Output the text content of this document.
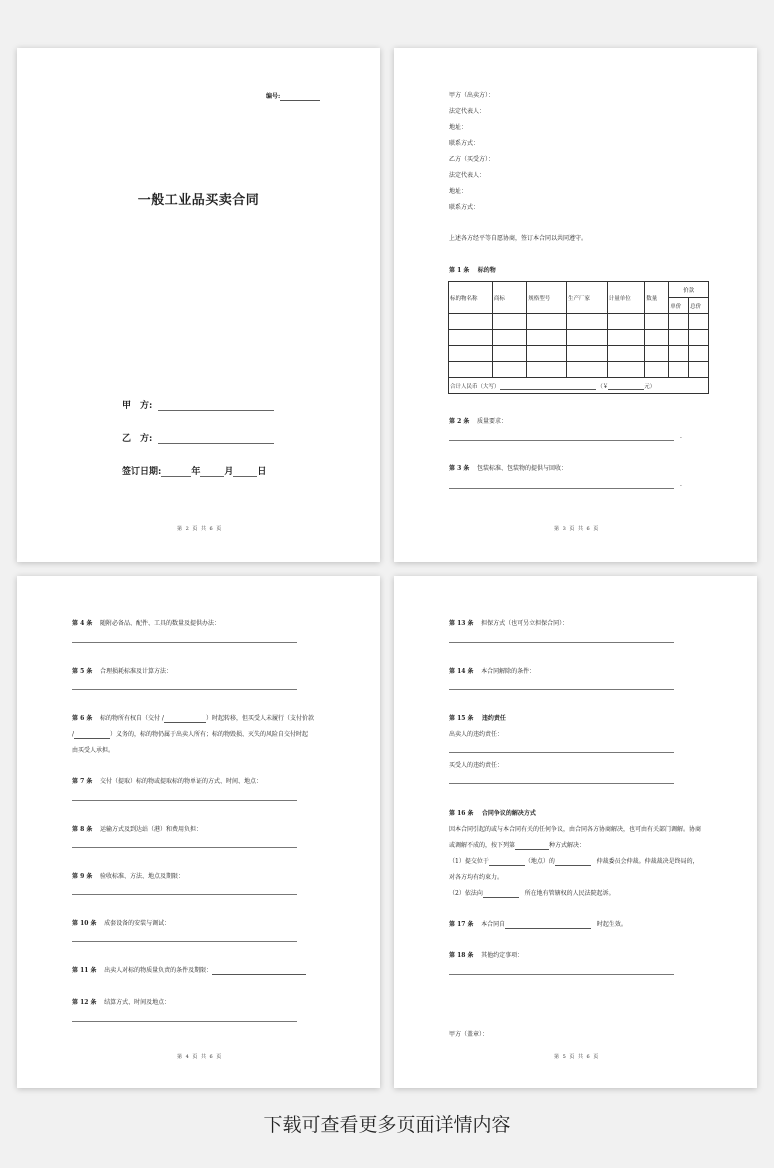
编号:
一般工业品买卖合同
甲　方:
乙　方:
签订日期:	年	月	日
第 2 页 共 6 页
甲方（出卖方）：
法定代表人：
地址：
联系方式：
乙方（买受方）：
法定代表人：
地址：
联系方式：
上述各方经平等自愿协商，签订本合同以共同遵守。
第 1 条 标的物
标的物名称	商标	规格型号	生产厂家	计量单位	数量	价款	
						单价	总价

合计人民币（大写） （￥ 元）							
第 2 条 质量要求：
.
第 3 条 包装标准、包装物的提供与回收：
.
第 3 页 共 6 页
第 4 条 随附必备品、配件、工具的数量及提供办法：
第 5 条 合理损耗标准及计算方法：
第 6 条 标的物所有权自（交付 /	）时起转移，但买受人未履行（支付价款
/	）义务的，标的物仍属于出卖人所有；标的物毁损、灭失的风险自交付时起
由买受人承担。
第 7 条 交付（提取）标的物或提取标的物单证的方式、时间、地点：
第 8 条 运输方式及到达站（港）和费用负担：
第 9 条 验收标准、方法、地点及期限：
第 10 条 成套设备的安装与调试：
第 11 条 出卖人对标的物质量负责的条件及期限：
第 12 条 结算方式、时间及地点：
第 4 页 共 6 页
第 13 条 担保方式（也可另立担保合同）：
第 14 条 本合同解除的条件：
第 15 条 违约责任
出卖人的违约责任：
买受人的违约责任：
第 16 条 合同争议的解决方式
因本合同引起的或与本合同有关的任何争议，由合同各方协商解决，也可由有关部门调解。协商
或调解不成的，按下列第	种方式解决：
（1）提交位于	（地点）的	仲裁委员会仲裁。仲裁裁决是终局的，
对各方均有约束力。
（2）依法向	所在地有管辖权的人民法院起诉。
第 17 条 本合同自	时起生效。
第 18 条 其他约定事项：
甲方（盖章）：
第 5 页 共 6 页
下载可查看更多页面详情内容
